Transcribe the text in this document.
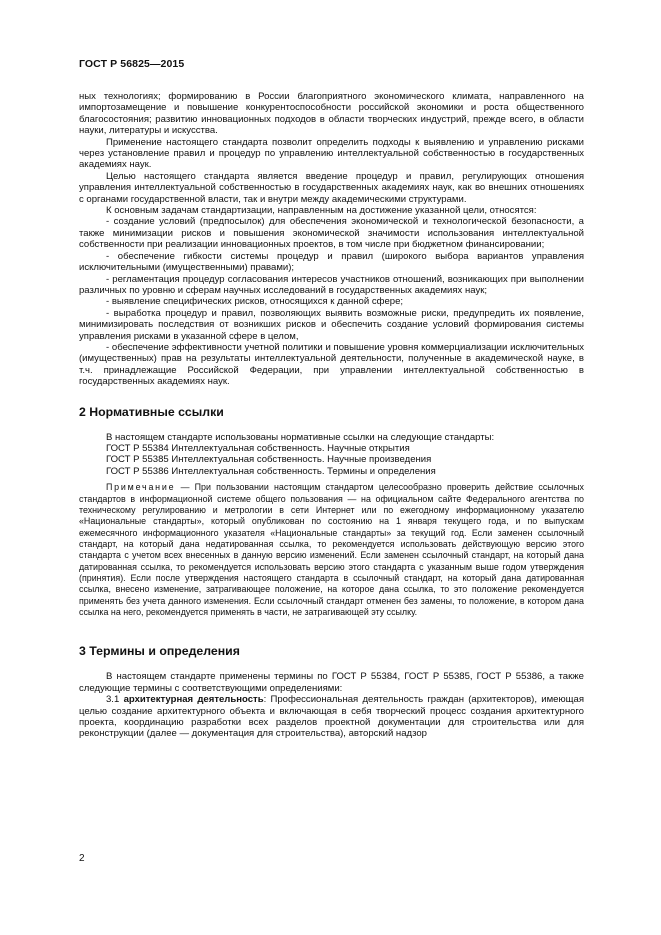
ГОСТ Р 56825—2015

ных технологиях; формированию в России благоприятного экономического климата, направленного на импортозамещение и повышение конкурентоспособности российской экономики и роста общественного благосостояния; развитию инновационных подходов в области творческих индустрий, прежде всего, в области науки, литературы и искусства.

Применение настоящего стандарта позволит определить подходы к выявлению и управлению рисками через установление правил и процедур по управлению интеллектуальной собственностью в государственных академиях наук.

Целью настоящего стандарта является введение процедур и правил, регулирующих отношения управления интеллектуальной собственностью в государственных академиях наук, как во внешних отношениях с органами государственной власти, так и внутри между академическими структурами.

К основным задачам стандартизации, направленным на достижение указанной цели, относятся:

- создание условий (предпосылок) для обеспечения экономической и технологической безопасности, а также минимизации рисков и повышения экономической значимости использования интеллектуальной собственности при реализации инновационных проектов, в том числе при бюджетном финансировании;

- обеспечение гибкости системы процедур и правил (широкого выбора вариантов управления исключительными (имущественными) правами);

- регламентация процедур согласования интересов участников отношений, возникающих при выполнении различных по уровню и сферам научных исследований в государственных академиях наук;

- выявление специфических рисков, относящихся к данной сфере;

- выработка процедур и правил, позволяющих выявить возможные риски, предупредить их появление, минимизировать последствия от возникших рисков и обеспечить создание условий формирования системы управления рисками в указанной сфере в целом,

- обеспечение эффективности учетной политики и повышение уровня коммерциализации исключительных (имущественных) прав на результаты интеллектуальной деятельности, полученные в академической науке, в т.ч. принадлежащие Российской Федерации, при управлении интеллектуальной собственностью в государственных академиях наук.

2 Нормативные ссылки

В настоящем стандарте использованы нормативные ссылки на следующие стандарты:

ГОСТ Р 55384 Интеллектуальная собственность. Научные открытия

ГОСТ Р 55385 Интеллектуальная собственность. Научные произведения

ГОСТ Р 55386 Интеллектуальная собственность. Термины и определения

Примечание — При пользовании настоящим стандартом целесообразно проверить действие ссылочных стандартов в информационной системе общего пользования — на официальном сайте Федерального агентства по техническому регулированию и метрологии в сети Интернет или по ежегодному информационному указателю «Национальные стандарты», который опубликован по состоянию на 1 января текущего года, и по выпускам ежемесячного информационного указателя «Национальные стандарты» за текущий год. Если заменен ссылочный стандарт, на который дана недатированная ссылка, то рекомендуется использовать действующую версию этого стандарта с учетом всех внесенных в данную версию изменений. Если заменен ссылочный стандарт, на который дана датированная ссылка, то рекомендуется использовать версию этого стандарта с указанным выше годом утверждения (принятия). Если после утверждения настоящего стандарта в ссылочный стандарт, на который дана датированная ссылка, внесено изменение, затрагивающее положение, на которое дана ссылка, то это положение рекомендуется применять без учета данного изменения. Если ссылочный стандарт отменен без замены, то положение, в котором дана ссылка на него, рекомендуется применять в части, не затрагивающей эту ссылку.

3 Термины и определения

В настоящем стандарте применены термины по ГОСТ Р 55384, ГОСТ Р 55385, ГОСТ Р 55386, а также следующие термины с соответствующими определениями:

3.1 архитектурная деятельность: Профессиональная деятельность граждан (архитекторов), имеющая целью создание архитектурного объекта и включающая в себя творческий процесс создания архитектурного проекта, координацию разработки всех разделов проектной документации для строительства или для реконструкции (далее — документация для строительства), авторский надзор

2
